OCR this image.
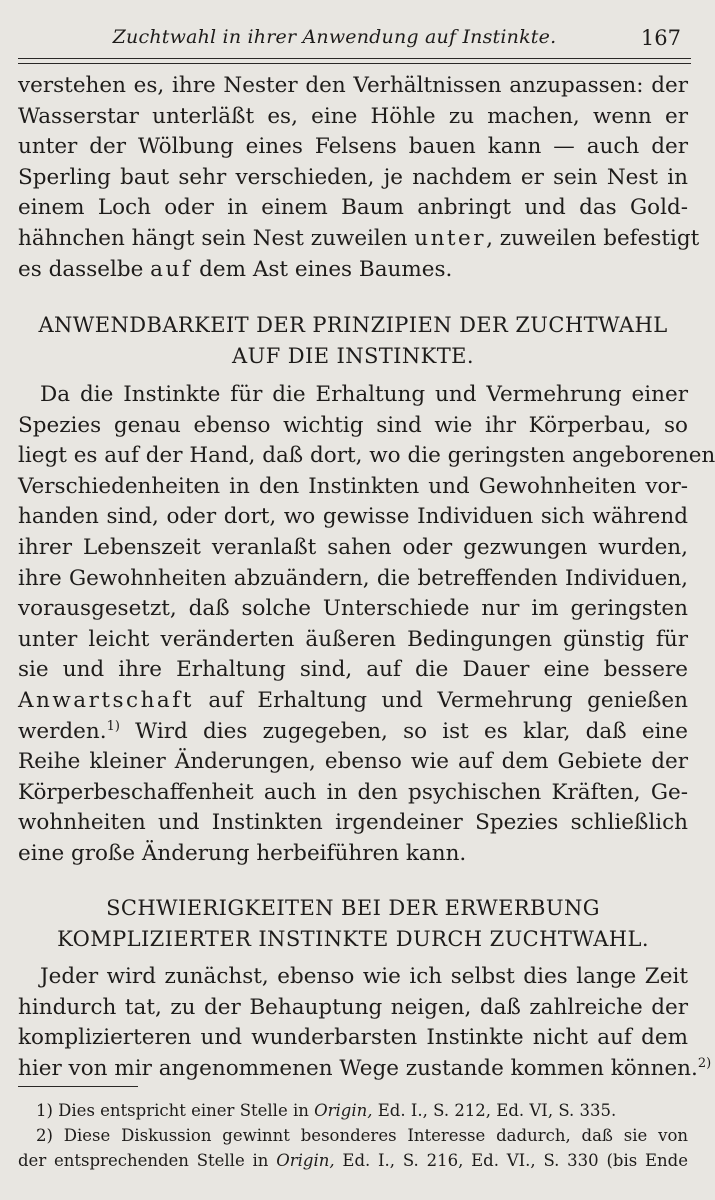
Zuchtwahl in ihrer Anwendung auf Instinkte.	167
verstehen es, ihre Nester den Verhältnissen anzupassen: der
Wasserstar unterläßt es, eine Höhle zu machen, wenn er
unter der Wölbung eines Felsens bauen kann — auch der
Sperling baut sehr verschieden, je nachdem er sein Nest in
einem Loch oder in einem Baum anbringt und das Gold-
hähnchen hängt sein Nest zuweilen unter, zuweilen befestigt
es dasselbe auf dem Ast eines Baumes.
ANWENDBARKEIT DER PRINZIPIEN DER ZUCHTWAHL
AUF DIE INSTINKTE.
Da die Instinkte für die Erhaltung und Vermehrung einer
Spezies genau ebenso wichtig sind wie ihr Körperbau, so
liegt es auf der Hand, daß dort, wo die geringsten angeborenen
Verschiedenheiten in den Instinkten und Gewohnheiten vor-
handen sind, oder dort, wo gewisse Individuen sich während
ihrer Lebenszeit veranlaßt sahen oder gezwungen wurden,
ihre Gewohnheiten abzuändern, die betreffenden Individuen,
vorausgesetzt, daß solche Unterschiede nur im geringsten
unter leicht veränderten äußeren Bedingungen günstig für
sie und ihre Erhaltung sind, auf die Dauer eine bessere
Anwartschaft auf Erhaltung und Vermehrung genießen
werden.$^{1)}$ Wird dies zugegeben, so ist es klar, daß eine
Reihe kleiner Änderungen, ebenso wie auf dem Gebiete der
Körperbeschaffenheit auch in den psychischen Kräften, Ge-
wohnheiten und Instinkten irgendeiner Spezies schließlich
eine große Änderung herbeiführen kann.
SCHWIERIGKEITEN BEI DER ERWERBUNG
KOMPLIZIERTER INSTINKTE DURCH ZUCHTWAHL.
Jeder wird zunächst, ebenso wie ich selbst dies lange Zeit
hindurch tat, zu der Behauptung neigen, daß zahlreiche der
komplizierteren und wunderbarsten Instinkte nicht auf dem
hier von mir angenommenen Wege zustande kommen können.$^{2)}$
1) Dies entspricht einer Stelle in Origin, Ed. I., S. 212, Ed. VI, S. 335.
2) Diese Diskussion gewinnt besonderes Interesse dadurch, daß sie von
der entsprechenden Stelle in Origin, Ed. I., S. 216, Ed. VI., S. 330 (bis Ende
